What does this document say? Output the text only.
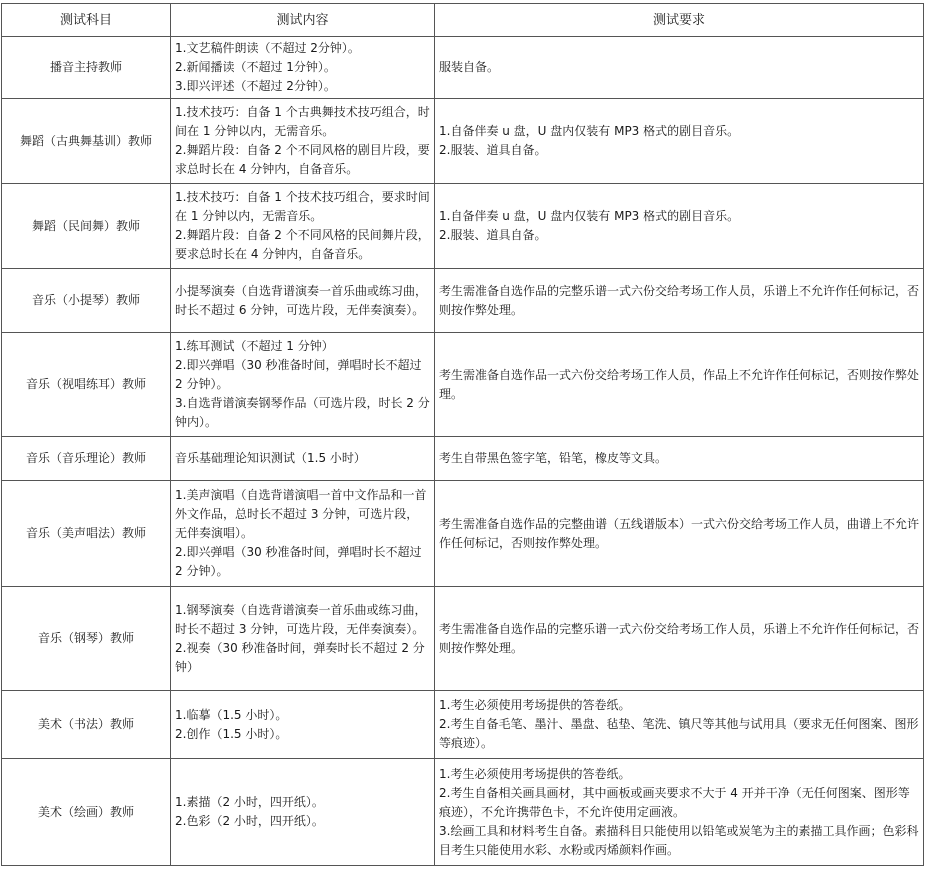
测试科目	测试内容	测试要求
播音主持教师	1.文艺稿件朗读（不超过 2分钟）。
2.新闻播读（不超过 1分钟）。
3.即兴评述（不超过 2分钟）。	服装自备。

舞蹈（古典舞基训）教师	1.技术技巧：自备 1 个古典舞技术技巧组合，时间在 1 分钟以内，无需音乐。
2.舞蹈片段：自备 2 个不同风格的剧目片段，要求总时长在 4 分钟内，自备音乐。	1.自备伴奏 u 盘，U 盘内仅装有 MP3 格式的剧目音乐。
2.服装、道具自备。

舞蹈（民间舞）教师	1.技术技巧：自备 1 个技术技巧组合，要求时间在 1 分钟以内，无需音乐。
2.舞蹈片段：自备 2 个不同风格的民间舞片段，要求总时长在 4 分钟内，自备音乐。	1.自备伴奏 u 盘，U 盘内仅装有 MP3 格式的剧目音乐。
2.服装、道具自备。

音乐（小提琴）教师	小提琴演奏（自选背谱演奏一首乐曲或练习曲，时长不超过 6 分钟，可选片段，无伴奏演奏）。	考生需准备自选作品的完整乐谱一式六份交给考场工作人员，乐谱上不允许作任何标记，否则按作弊处理。

音乐（视唱练耳）教师	1.练耳测试（不超过 1 分钟）
2.即兴弹唱（30 秒准备时间，弹唱时长不超过 2 分钟）。
3.自选背谱演奏钢琴作品（可选片段，时长 2 分钟内）。	考生需准备自选作品一式六份交给考场工作人员，作品上不允许作任何标记，否则按作弊处理。

音乐（音乐理论）教师	音乐基础理论知识测试（1.5 小时）	考生自带黑色签字笔，铅笔，橡皮等文具。

音乐（美声唱法）教师	1.美声演唱（自选背谱演唱一首中文作品和一首外文作品，总时长不超过 3 分钟，可选片段，无伴奏演唱）。
2.即兴弹唱（30 秒准备时间，弹唱时长不超过 2 分钟）。	考生需准备自选作品的完整曲谱（五线谱版本）一式六份交给考场工作人员，曲谱上不允许作任何标记，否则按作弊处理。

音乐（钢琴）教师	1.钢琴演奏（自选背谱演奏一首乐曲或练习曲，时长不超过 3 分钟，可选片段，无伴奏演奏）。
2.视奏（30 秒准备时间，弹奏时长不超过 2 分钟）	考生需准备自选作品的完整乐谱一式六份交给考场工作人员，乐谱上不允许作任何标记，否则按作弊处理。

美术（书法）教师	1.临摹（1.5 小时）。
2.创作（1.5 小时）。	1.考生必须使用考场提供的答卷纸。
2.考生自备毛笔、墨汁、墨盘、毡垫、笔洗、镇尺等其他与试用具（要求无任何图案、图形等痕迹）。

美术（绘画）教师	1.素描（2 小时，四开纸）。
2.色彩（2 小时，四开纸）。	1.考生必须使用考场提供的答卷纸。
2.考生自备相关画具画材，其中画板或画夹要求不大于 4 开并干净（无任何图案、图形等痕迹），不允许携带色卡，不允许使用定画液。
3.绘画工具和材料考生自备。素描科目只能使用以铅笔或炭笔为主的素描工具作画；色彩科目考生只能使用水彩、水粉或丙烯颜料作画。
